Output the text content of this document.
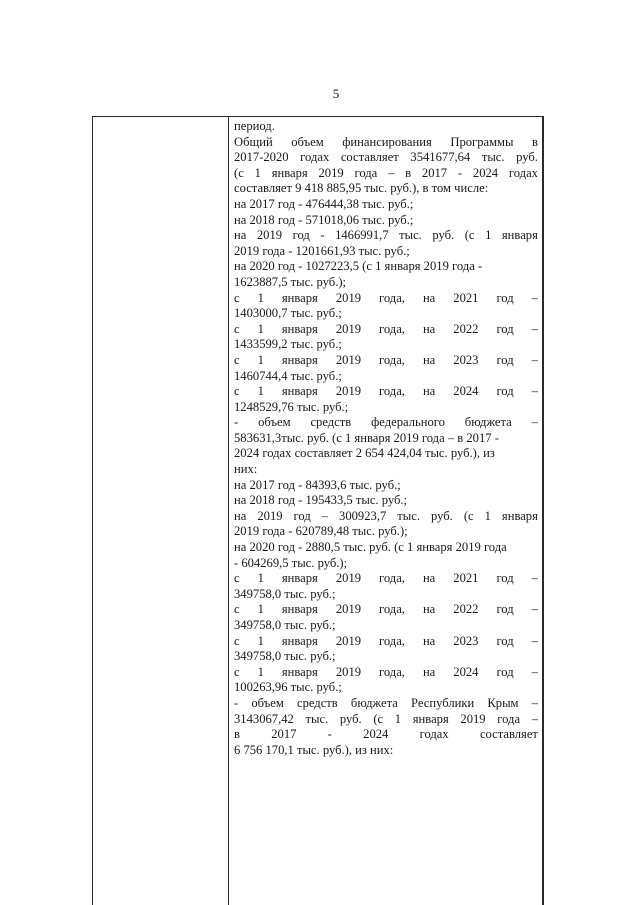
5
период.
Общий объем финансирования Программы в
2017-2020 годах составляет 3541677,64 тыс. руб.
(с 1 января 2019 года – в 2017 - 2024 годах
составляет 9 418 885,95 тыс. руб.), в том числе:
на 2017 год - 476444,38 тыс. руб.;
на 2018 год - 571018,06 тыс. руб.;
на 2019 год - 1466991,7 тыс. руб. (с 1 января
2019 года - 1201661,93 тыс. руб.;
на 2020 год - 1027223,5 (с 1 января 2019 года -
1623887,5 тыс. руб.);
с 1 января 2019 года, на 2021 год –
1403000,7 тыс. руб.;
с 1 января 2019 года, на 2022 год –
1433599,2 тыс. руб.;
с 1 января 2019 года, на 2023 год –
1460744,4 тыс. руб.;
с 1 января 2019 года, на 2024 год –
1248529,76 тыс. руб.;
- объем средств федерального бюджета –
583631,3тыс. руб. (с 1 января 2019 года – в 2017 -
2024 годах составляет 2 654 424,04 тыс. руб.), из
них:
на 2017 год - 84393,6 тыс. руб.;
на 2018 год - 195433,5 тыс. руб.;
на 2019 год – 300923,7 тыс. руб. (с 1 января
2019 года - 620789,48 тыс. руб.);
на 2020 год - 2880,5 тыс. руб. (с 1 января 2019 года
- 604269,5 тыс. руб.);
с 1 января 2019 года, на 2021 год –
349758,0 тыс. руб.;
с 1 января 2019 года, на 2022 год –
349758,0 тыс. руб.;
с 1 января 2019 года, на 2023 год –
349758,0 тыс. руб.;
с 1 января 2019 года, на 2024 год –
100263,96 тыс. руб.;
- объем средств бюджета Республики Крым –
3143067,42 тыс. руб. (с 1 января 2019 года –
в 2017 - 2024 годах составляет
6 756 170,1 тыс. руб.), из них:
